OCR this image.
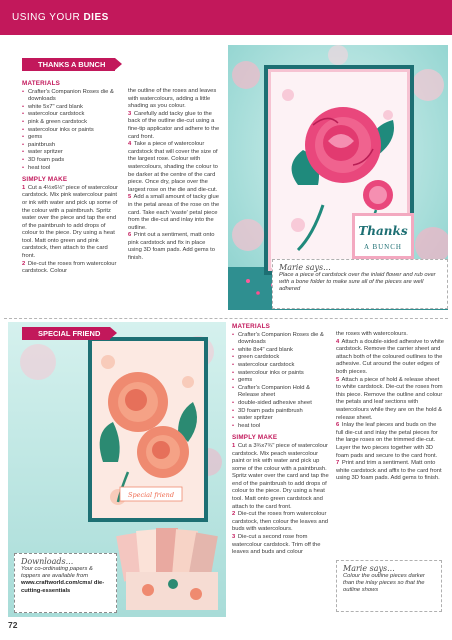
USING YOUR DIES
THANKS A BUNCH
MATERIALS
• Crafter's Companion Roses die & downloads
• white 5x7" card blank
• watercolour cardstock
• pink & green cardstock
• watercolour inks or paints
• gems
• paintbrush
• water spritzer
• 3D foam pads
• heat tool
SIMPLY MAKE

1 Cut a 4½x6½" piece of watercolour cardstock. Mix pink watercolour paint or ink with water and pick up some of the colour with a paintbrush. Spritz water over the piece and tap the end of the paintbrush to add drops of colour to the piece. Dry using a heat tool. Matt onto green and pink cardstock, then attach to the card front.

2 Die-cut the roses from watercolour cardstock. Colour

the outline of the roses and leaves with watercolours, adding a little shading as you colour.

3 Carefully add tacky glue to the back of the outline die-cut using a fine-tip applicator and adhere to the card front.

4 Take a piece of watercolour cardstock that will cover the size of the largest rose. Colour with watercolours, shading the colour to be darker at the centre of the card piece. Once dry, place over the largest rose on the die and die-cut.

5 Add a small amount of tacky glue in the petal areas of the rose on the card. Take each 'waste' petal piece from the die-cut and inlay into the outline.

6 Print out a sentiment, matt onto pink cardstock and fix in place using 3D foam pads. Add gems to finish.

Thanks
A BUNCH
Marie says...
Place a piece of cardstock over the inlaid flower and rub over with a bone folder to make sure all of the pieces are well adhered
Special friend
SPECIAL FRIEND
Downloads...
Your co-ordinating papers & toppers are available from
www.craftworld.com/cms/ die-cutting-essentials
MATERIALS
• Crafter's Companion Roses die & downloads
• white 8x4" card blank
• green cardstock
• watercolour cardstock
• watercolour inks or paints
• gems
• Crafter's Companion Hold & Release sheet
• double-sided adhesive sheet
• 3D foam pads paintbrush
• water spritzer
• heat tool
SIMPLY MAKE

1 Cut a 3¾x7¾" piece of watercolour cardstock. Mix peach watercolour paint or ink with water and pick up some of the colour with a paintbrush. Spritz water over the card and tap the end of the paintbrush to add drops of colour to the piece. Dry using a heat tool. Matt onto green cardstock and attach to the card front.

2 Die-cut the roses from watercolour cardstock, then colour the leaves and buds with watercolours.

3 Die-cut a second rose from watercolour cardstock. Trim off the leaves and buds and colour

the roses with watercolours.

4 Attach a double-sided adhesive to white cardstock. Remove the carrier sheet and attach both of the coloured outlines to the adhesive. Cut around the outer edges of both pieces.

5 Attach a piece of hold & release sheet to white cardstock. Die-cut the roses from this piece. Remove the outline and colour the petals and leaf sections with watercolours while they are on the hold & release sheet.

6 Inlay the leaf pieces and buds on the full die-cut and inlay the petal pieces for the large roses on the trimmed die-cut. Layer the two pieces together with 3D foam pads and secure to the card front.

7 Print and trim a sentiment. Matt onto white cardstock and affix to the card front using 3D foam pads. Add gems to finish.

Marie says...
Colour the outline pieces darker than the inlay pieces so that the outline shows
72
